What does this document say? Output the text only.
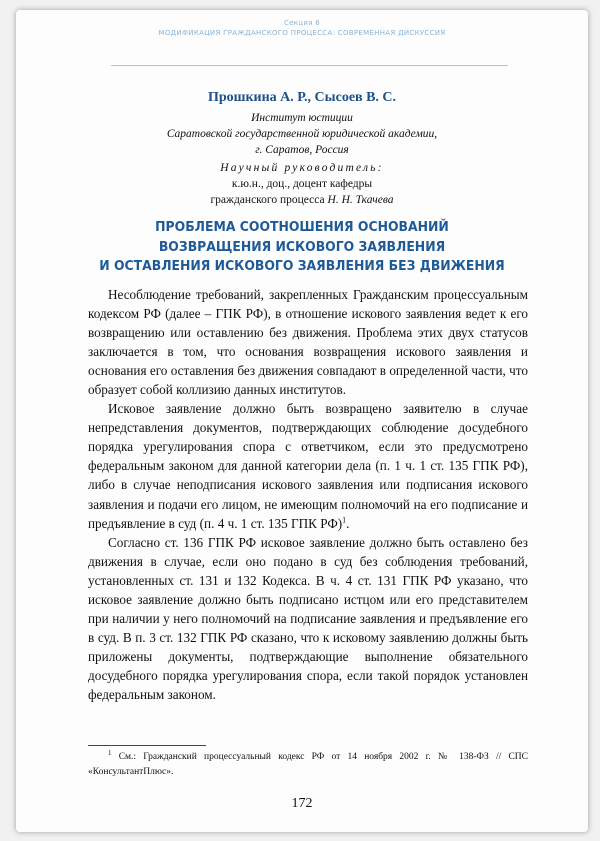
Секция 6
МОДИФИКАЦИЯ ГРАЖДАНСКОГО ПРОЦЕССА: СОВРЕМЕННАЯ ДИСКУССИЯ
Прошкина А. Р., Сысоев В. С.
Институт юстиции
Саратовской государственной юридической академии,
г. Саратов, Россия
Научный руководитель:
к.ю.н., доц., доцент кафедры
гражданского процесса Н. Н. Ткачева
ПРОБЛЕМА СООТНОШЕНИЯ ОСНОВАНИЙ
ВОЗВРАЩЕНИЯ ИСКОВОГО ЗАЯВЛЕНИЯ
И ОСТАВЛЕНИЯ ИСКОВОГО ЗАЯВЛЕНИЯ БЕЗ ДВИЖЕНИЯ

Несоблюдение требований, закрепленных Гражданским процессуальным кодексом РФ (далее – ГПК РФ), в отношение искового заявления ведет к его возвращению или оставлению без движения. Проблема этих двух статусов заключается в том, что основания возвращения искового заявления и основания его оставления без движения совпадают в определенной части, что образует собой коллизию данных институтов.

Исковое заявление должно быть возвращено заявителю в случае непредставления документов, подтверждающих соблюдение досудебного порядка урегулирования спора с ответчиком, если это предусмотрено федеральным законом для данной категории дела (п. 1 ч. 1 ст. 135 ГПК РФ), либо в случае неподписания искового заявления или подписания искового заявления и подачи его лицом, не имеющим полномочий на его подписание и предъявление в суд (п. 4 ч. 1 ст. 135 ГПК РФ)$^1$.

Согласно ст. 136 ГПК РФ исковое заявление должно быть оставлено без движения в случае, если оно подано в суд без соблюдения требований, установленных ст. 131 и 132 Кодекса. В ч. 4 ст. 131 ГПК РФ указано, что исковое заявление должно быть подписано истцом или его представителем при наличии у него полномочий на подписание заявления и предъявление его в суд. В п. 3 ст. 132 ГПК РФ сказано, что к исковому заявлению должны быть приложены документы, подтверждающие выполнение обязательного досудебного порядка урегулирования спора, если такой порядок установлен федеральным законом.

$^1$ См.: Гражданский процессуальный кодекс РФ от 14 ноября 2002 г. № 138-ФЗ // СПС «КонсультантПлюс».
172
